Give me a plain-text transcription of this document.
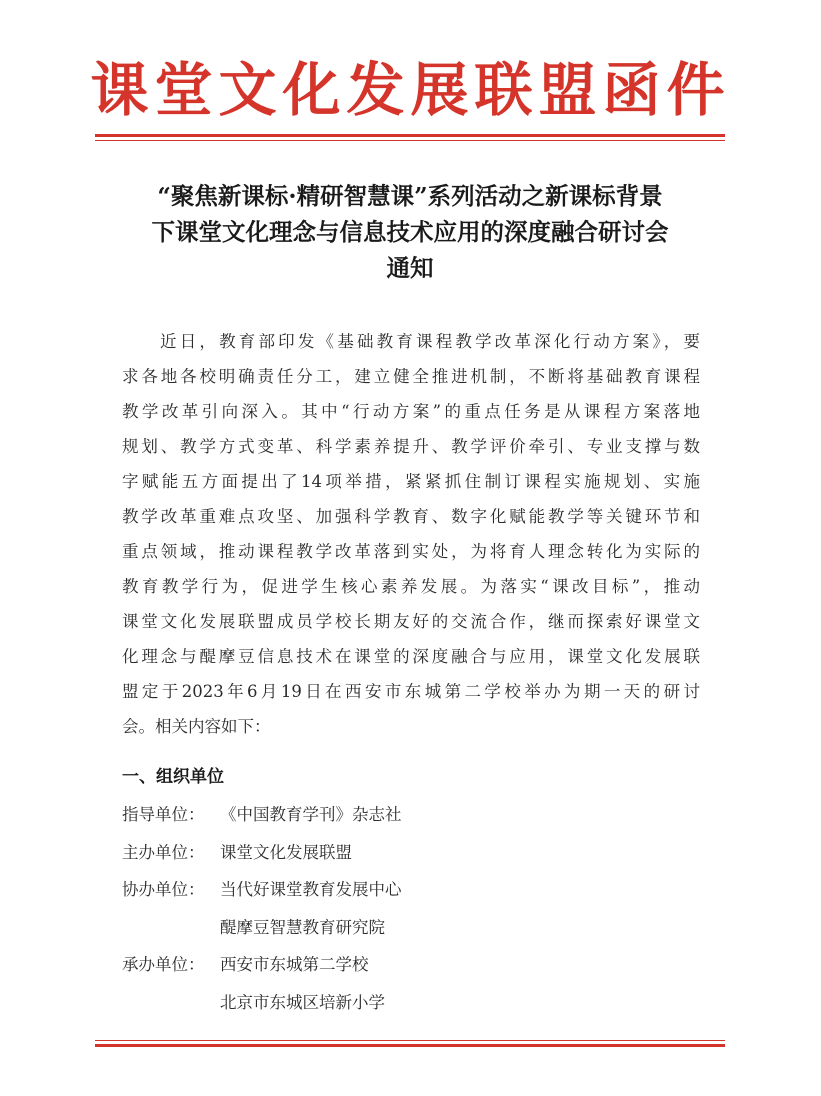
课堂文化发展联盟函件
“聚焦新课标·精研智慧课”系列活动之新课标背景
下课堂文化理念与信息技术应用的深度融合研讨会
通知
近日，教育部印发《基础教育课程教学改革深化行动方案》，要
求各地各校明确责任分工，建立健全推进机制，不断将基础教育课程
教学改革引向深入。其中“行动方案”的重点任务是从课程方案落地
规划、教学方式变革、科学素养提升、教学评价牵引、专业支撑与数
字赋能五方面提出了14项举措，紧紧抓住制订课程实施规划、实施
教学改革重难点攻坚、加强科学教育、数字化赋能教学等关键环节和
重点领域，推动课程教学改革落到实处，为将育人理念转化为实际的
教育教学行为，促进学生核心素养发展。为落实“课改目标”，推动
课堂文化发展联盟成员学校长期友好的交流合作，继而探索好课堂文
化理念与醍摩豆信息技术在课堂的深度融合与应用，课堂文化发展联
盟定于2023年6月19日在西安市东城第二学校举办为期一天的研讨
会。相关内容如下：
一、组织单位
指导单位： 《中国教育学刊》杂志社
主办单位： 课堂文化发展联盟
协办单位： 当代好课堂教育发展中心
醍摩豆智慧教育研究院
承办单位： 西安市东城第二学校
北京市东城区培新小学
